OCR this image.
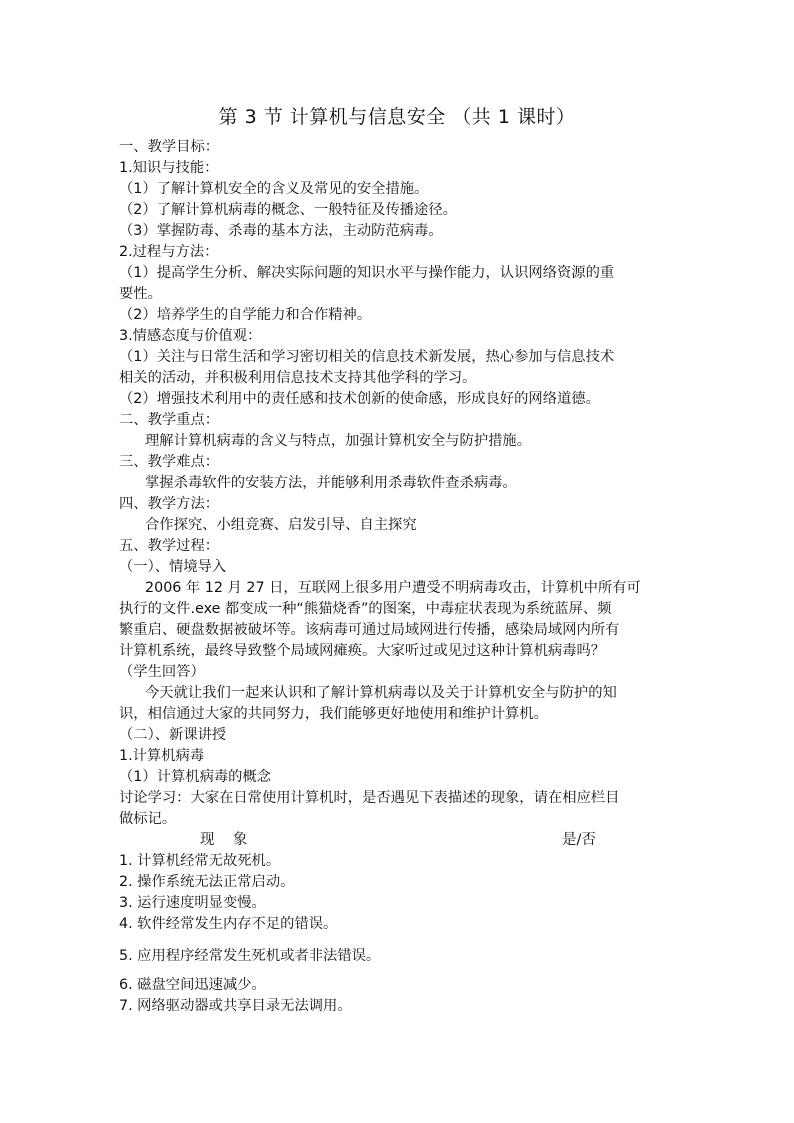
第 3 节 计算机与信息安全 （共 1 课时）
一、教学目标：
1.知识与技能：
（1）了解计算机安全的含义及常见的安全措施。
（2）了解计算机病毒的概念、一般特征及传播途径。
（3）掌握防毒、杀毒的基本方法，主动防范病毒。
2.过程与方法：
（1）提高学生分析、解决实际问题的知识水平与操作能力，认识网络资源的重
要性。
（2）培养学生的自学能力和合作精神。
3.情感态度与价值观：
（1）关注与日常生活和学习密切相关的信息技术新发展，热心参加与信息技术
相关的活动，并积极利用信息技术支持其他学科的学习。
（2）增强技术利用中的责任感和技术创新的使命感，形成良好的网络道德。
二、教学重点：
理解计算机病毒的含义与特点，加强计算机安全与防护措施。
三、教学难点：
掌握杀毒软件的安装方法，并能够利用杀毒软件查杀病毒。
四、教学方法：
合作探究、小组竞赛、启发引导、自主探究
五、教学过程：
（一）、情境导入
2006 年 12 月 27 日，互联网上很多用户遭受不明病毒攻击，计算机中所有可
执行的文件.exe 都变成一种“熊猫烧香”的图案，中毒症状表现为系统蓝屏、频
繁重启、硬盘数据被破坏等。该病毒可通过局域网进行传播，感染局域网内所有
计算机系统，最终导致整个局域网瘫痪。大家听过或见过这种计算机病毒吗？
（学生回答）
今天就让我们一起来认识和了解计算机病毒以及关于计算机安全与防护的知
识，相信通过大家的共同努力，我们能够更好地使用和维护计算机。
（二）、新课讲授
1.计算机病毒
（1）计算机病毒的概念
讨论学习：大家在日常使用计算机时，是否遇见下表描述的现象，请在相应栏目
做标记。
现    象	是/否
1. 计算机经常无故死机。
2. 操作系统无法正常启动。
3. 运行速度明显变慢。
4. 软件经常发生内存不足的错误。
5. 应用程序经常发生死机或者非法错误。
6. 磁盘空间迅速减少。
7. 网络驱动器或共享目录无法调用。
